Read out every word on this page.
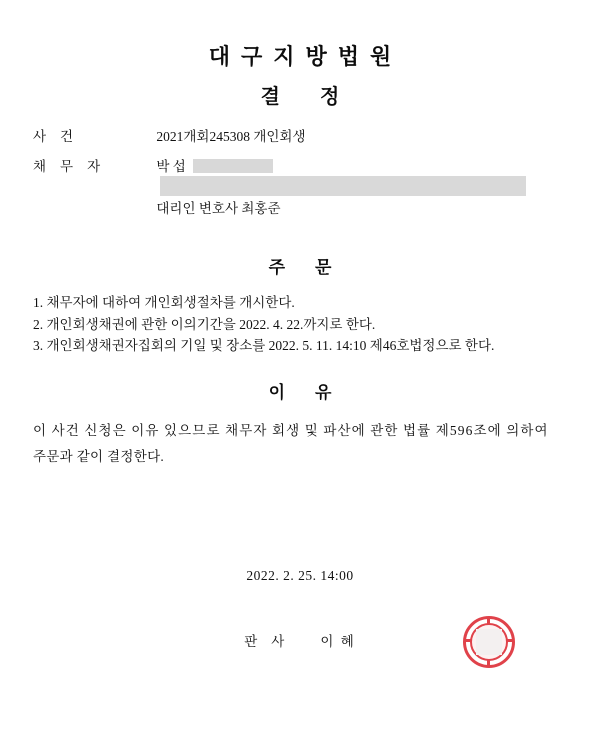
대구지방법원
결정
사건	2021개회245308 개인회생
채무자	박 섭
대리인 변호사 최홍준
주문
1. 채무자에 대하여 개인회생절차를 개시한다.
2. 개인회생채권에 관한 이의기간을 2022. 4. 22.까지로 한다.
3. 개인회생채권자집회의 기일 및 장소를 2022. 5. 11. 14:10 제46호법정으로 한다.
이유
이 사건 신청은 이유 있으므로 채무자 회생 및 파산에 관한 법률 제596조에 의하여
주문과 같이 결정한다.
2022. 2. 25. 14:00
판사 이 혜
